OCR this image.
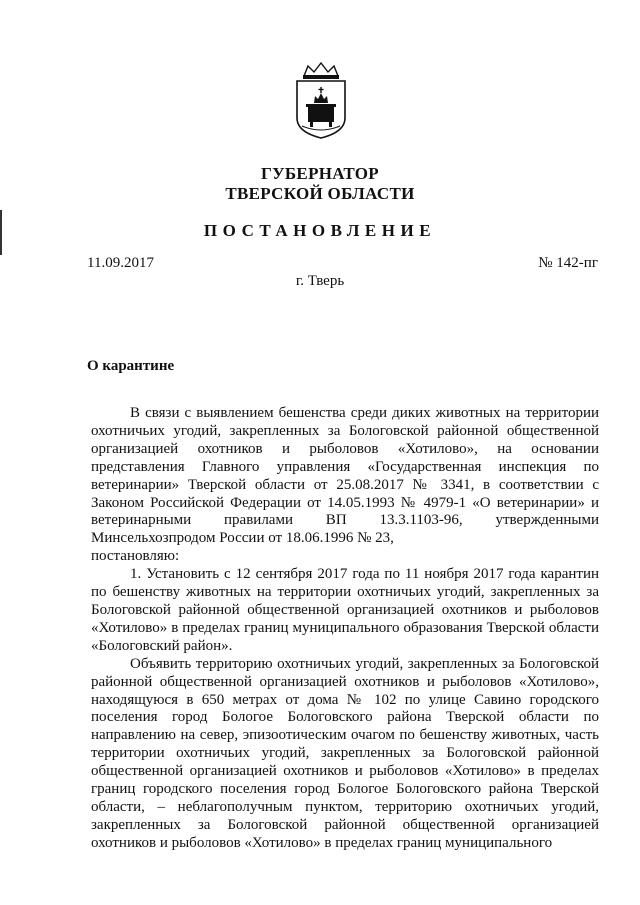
ГУБЕРНАТОР
ТВЕРСКОЙ ОБЛАСТИ
ПОСТАНОВЛЕНИЕ
11.09.2017	№ 142-пг
г. Тверь
О карантине

В связи с выявлением бешенства среди диких животных на территории охотничьих угодий, закрепленных за Бологовской районной общественной организацией охотников и рыболовов «Хотилово», на основании представления Главного управления «Государственная инспекция по ветеринарии» Тверской области от 25.08.2017 № 3341, в соответствии с Законом Российской Федерации от 14.05.1993 № 4979-1 «О ветеринарии» и ветеринарными правилами ВП 13.3.1103-96, утвержденными Минсельхозпродом России от 18.06.1996 № 23,

постановляю:

1. Установить с 12 сентября 2017 года по 11 ноября 2017 года карантин по бешенству животных на территории охотничьих угодий, закрепленных за Бологовской районной общественной организацией охотников и рыболовов «Хотилово» в пределах границ муниципального образования Тверской области «Бологовский район».

Объявить территорию охотничьих угодий, закрепленных за Бологовской районной общественной организацией охотников и рыболовов «Хотилово», находящуюся в 650 метрах от дома № 102 по улице Савино городского поселения город Бологое Бологовского района Тверской области по направлению на север, эпизоотическим очагом по бешенству животных, часть территории охотничьих угодий, закрепленных за Бологовской районной общественной организацией охотников и рыболовов «Хотилово» в пределах границ городского поселения город Бологое Бологовского района Тверской области, – неблагополучным пунктом, территорию охотничьих угодий, закрепленных за Бологовской районной общественной организацией охотников и рыболовов «Хотилово» в пределах границ муниципального
